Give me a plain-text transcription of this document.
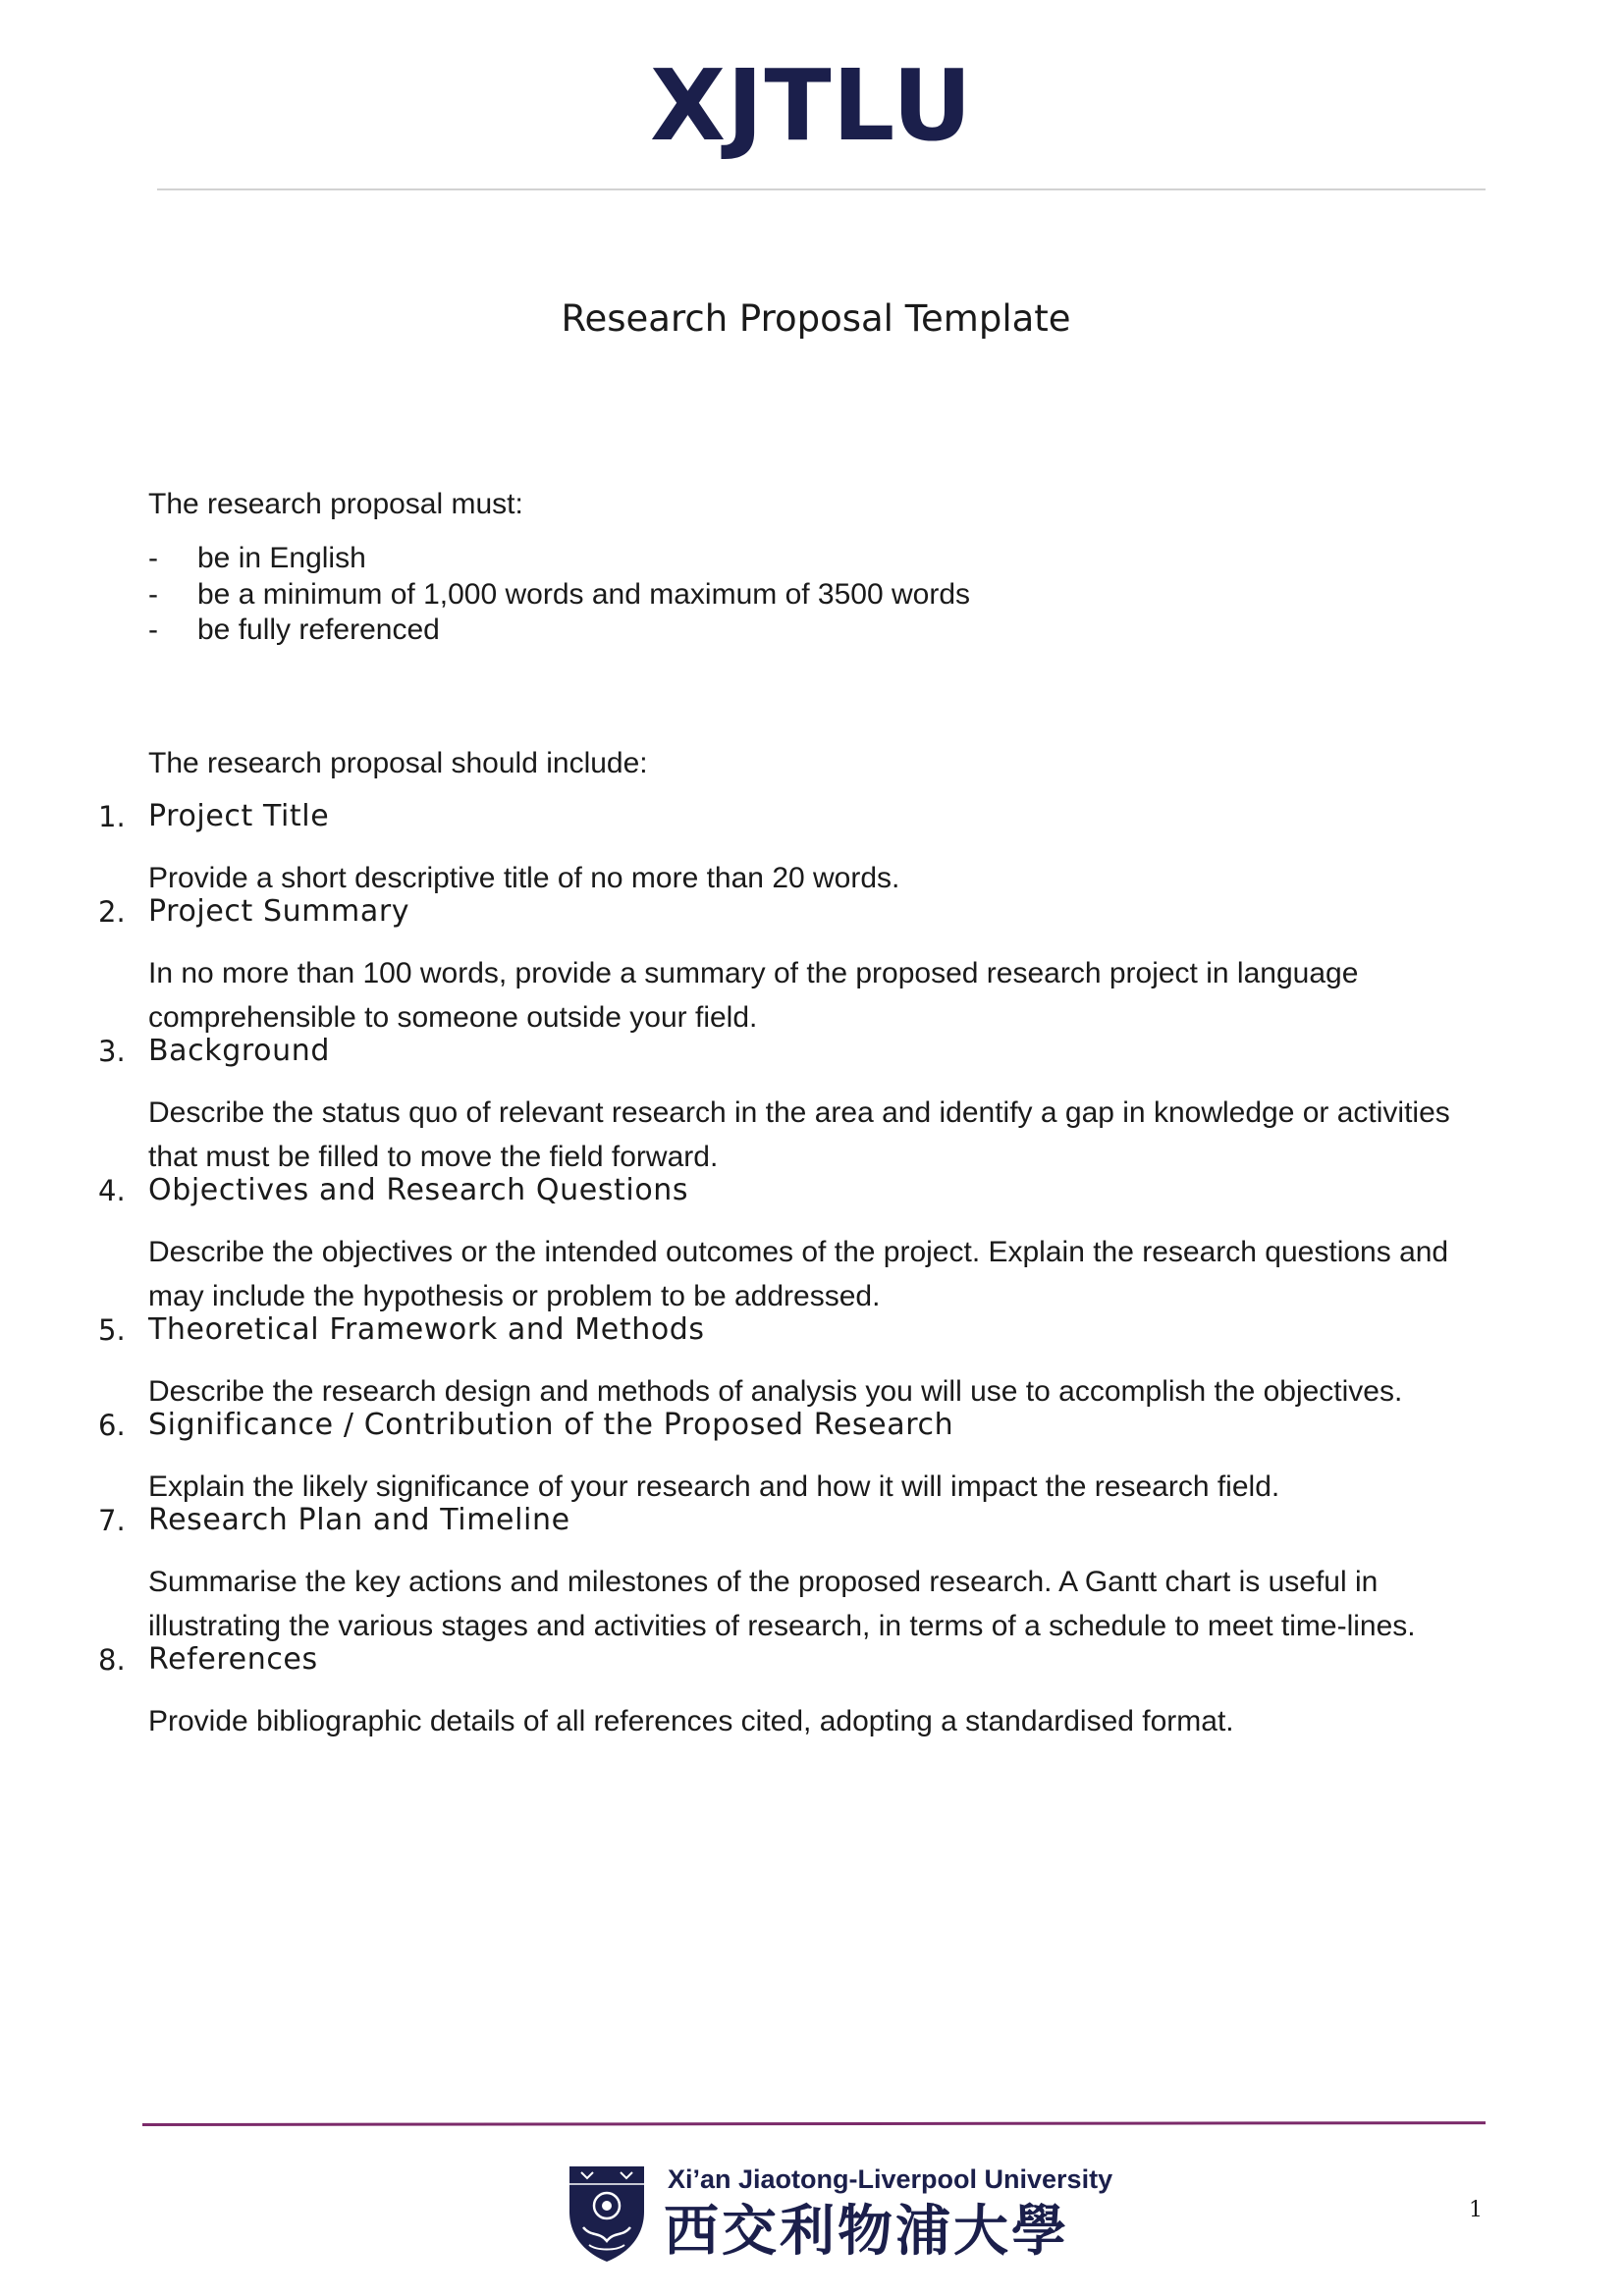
XJTLU
Research Proposal Template
The research proposal must:
- be in English
- be a minimum of 1,000 words and maximum of 3500 words
- be fully referenced
The research proposal should include:
1. Project Title
Provide a short descriptive title of no more than 20 words.
2. Project Summary
In no more than 100 words, provide a summary of the proposed research project in language comprehensible to someone outside your field.
3. Background
Describe the status quo of relevant research in the area and identify a gap in knowledge or activities that must be filled to move the field forward.
4. Objectives and Research Questions
Describe the objectives or the intended outcomes of the project. Explain the research questions and may include the hypothesis or problem to be addressed.
5. Theoretical Framework and Methods
Describe the research design and methods of analysis you will use to accomplish the objectives.
6. Significance / Contribution of the Proposed Research
Explain the likely significance of your research and how it will impact the research field.
7. Research Plan and Timeline
Summarise the key actions and milestones of the proposed research. A Gantt chart is useful in illustrating the various stages and activities of research, in terms of a schedule to meet time-lines.
8. References
Provide bibliographic details of all references cited, adopting a standardised format.
Xi’an Jiaotong-Liverpool University
西交利物浦大學	1
